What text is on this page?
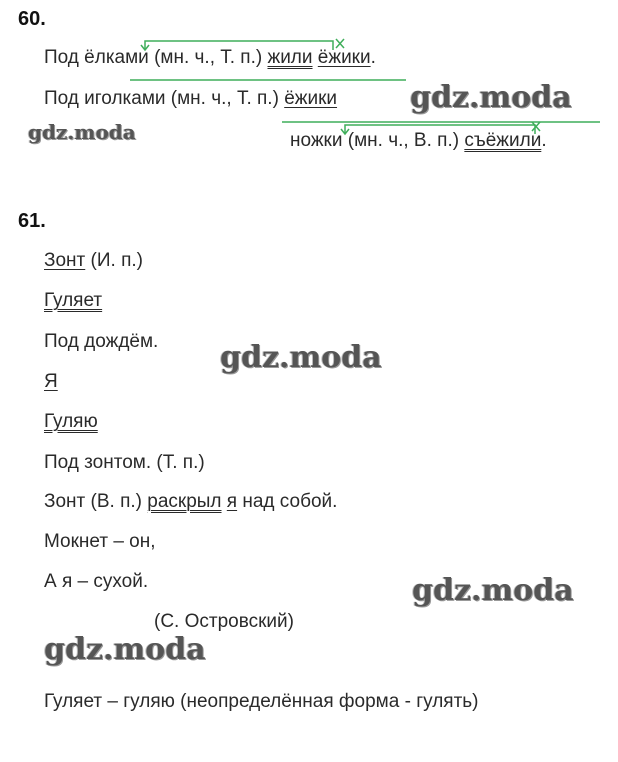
60.
Под ёлками (мн. ч., Т. п.) жили ёжики.
Под иголками (мн. ч., Т. п.) ёжики
ножки (мн. ч., В. п.) съёжили.
61.
Зонт (И. п.)
Гуляет
Под дождём.
Я
Гуляю
Под зонтом. (Т. п.)
Зонт (В. п.) раскрыл я над собой.
Мокнет – он,
А я – сухой.
(С. Островский)
Гуляет – гуляю (неопределённая форма - гулять)
gdz.moda
gdz.moda
gdz.moda
gdz.moda
gdz.moda
